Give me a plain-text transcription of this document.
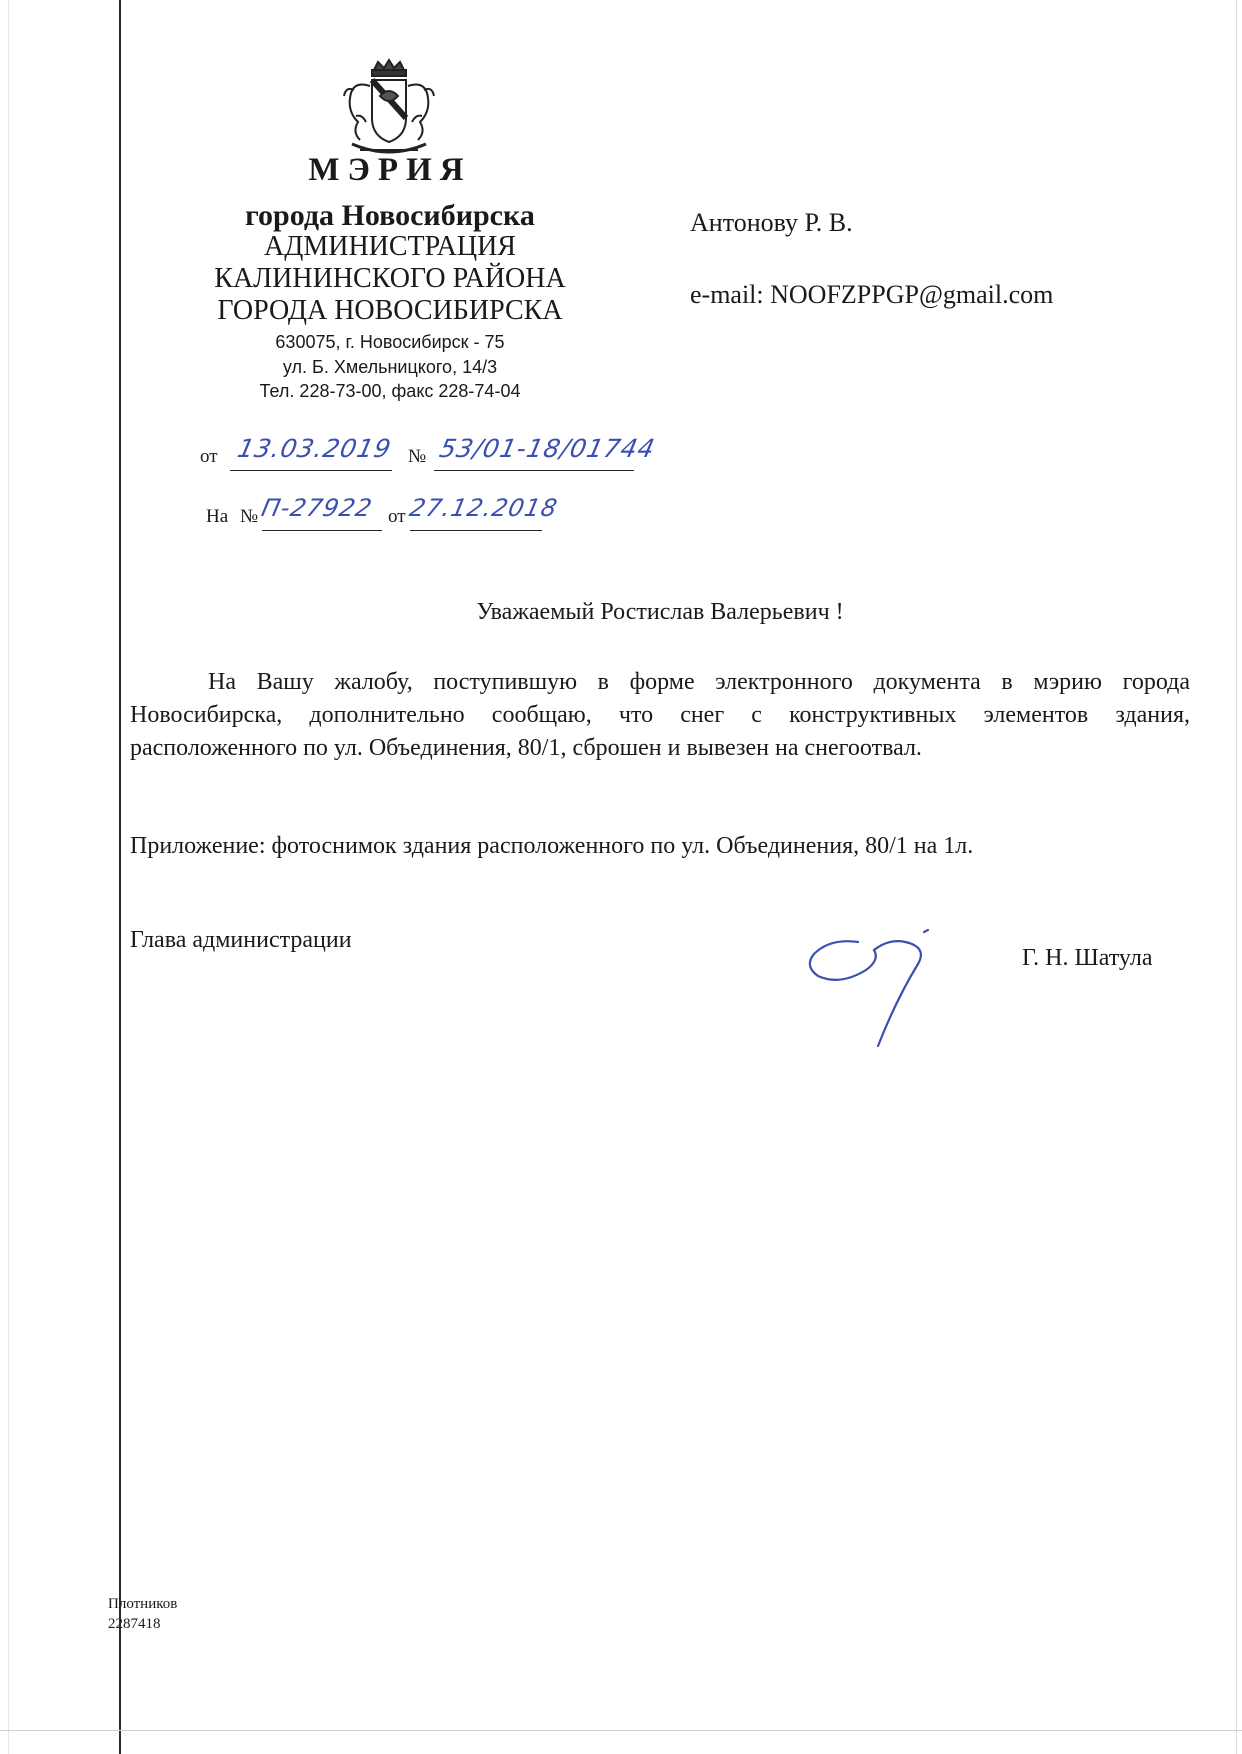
МЭРИЯ
города Новосибирска
АДМИНИСТРАЦИЯ
КАЛИНИНСКОГО РАЙОНА
ГОРОДА НОВОСИБИРСКА
630075, г. Новосибирск - 75
ул. Б. Хмельницкого, 14/3
Тел. 228-73-00, факс 228-74-04
от 13.03.2019 № 53/01-18/01744
На № П-27922 от 27.12.2018
Антонову Р. В.
e-mail: NOOFZPPGP@gmail.com
Уважаемый Ростислав Валерьевич !
На Вашу жалобу, поступившую в форме электронного документа в мэрию города Новосибирска, дополнительно сообщаю, что снег с конструктивных элементов здания, расположенного по ул. Объединения, 80/1, сброшен и вывезен на снегоотвал.
Приложение: фотоснимок здания расположенного по ул. Объединения, 80/1 на 1л.
Глава администрации
Г. Н. Шатула
Плотников
2287418
